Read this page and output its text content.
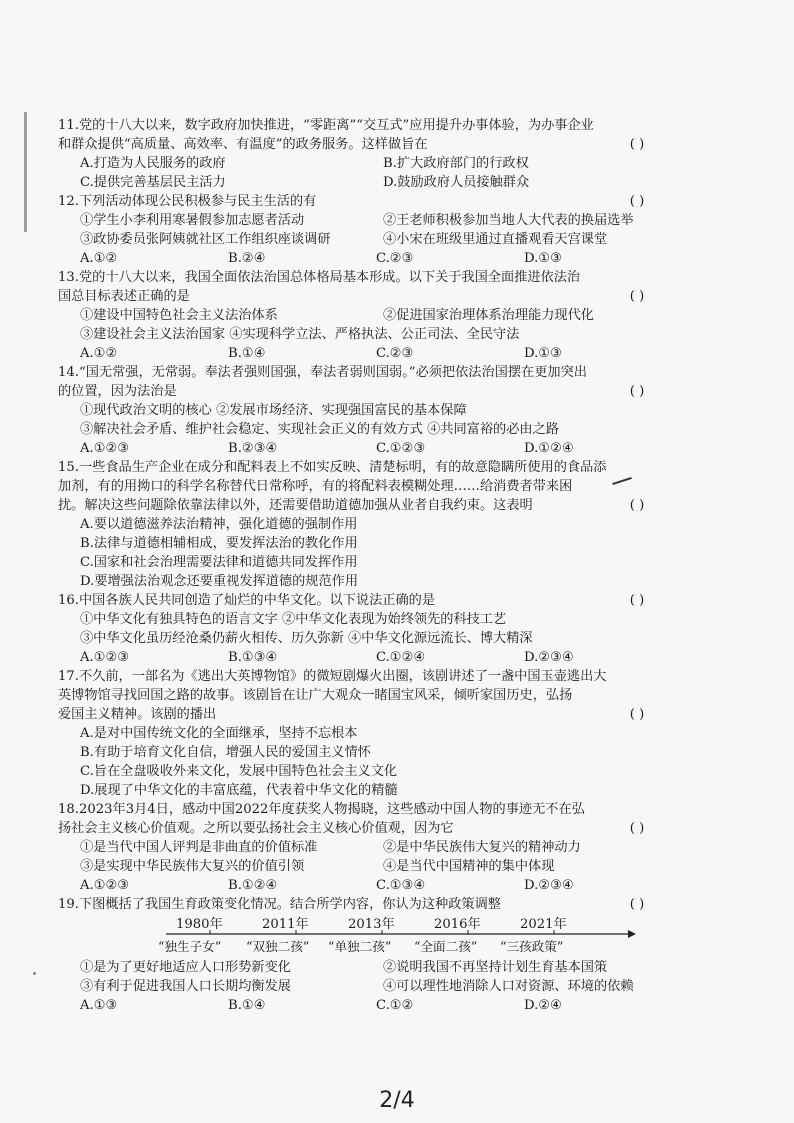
11.党的十八大以来，数字政府加快推进，“零距离”“交互式”应用提升办事体验，为办事企业
和群众提供“高质量、高效率、有温度”的政务服务。这样做旨在	( )
A.打造为人民服务的政府	B.扩大政府部门的行政权
C.提供完善基层民主活力	D.鼓励政府人员接触群众
12.下列活动体现公民积极参与民主生活的有	( )
①学生小李利用寒暑假参加志愿者活动	②王老师积极参加当地人大代表的换届选举
③政协委员张阿姨就社区工作组织座谈调研	④小宋在班级里通过直播观看天宫课堂
A.①②	B.②④	C.②③	D.①③
13.党的十八大以来，我国全面依法治国总体格局基本形成。以下关于我国全面推进依法治
国总目标表述正确的是	( )
①建设中国特色社会主义法治体系	②促进国家治理体系治理能力现代化
③建设社会主义法治国家 ④实现科学立法、严格执法、公正司法、全民守法
A.①②	B.①④	C.②③	D.①③
14.“国无常强，无常弱。奉法者强则国强，奉法者弱则国弱。”必须把依法治国摆在更加突出
的位置，因为法治是	( )
①现代政治文明的核心 ②发展市场经济、实现强国富民的基本保障
③解决社会矛盾、维护社会稳定、实现社会正义的有效方式 ④共同富裕的必由之路
A.①②③	B.②③④	C.①②③	D.①②④
15.一些食品生产企业在成分和配料表上不如实反映、清楚标明，有的故意隐瞒所使用的食品添
加剂，有的用拗口的科学名称替代日常称呼，有的将配料表模糊处理……给消费者带来困
扰。解决这些问题除依靠法律以外，还需要借助道德加强从业者自我约束。这表明	( )
A.要以道德滋养法治精神，强化道德的强制作用
B.法律与道德相辅相成，要发挥法治的教化作用
C.国家和社会治理需要法律和道德共同发挥作用
D.要增强法治观念还要重视发挥道德的规范作用
16.中国各族人民共同创造了灿烂的中华文化。以下说法正确的是	( )
①中华文化有独具特色的语言文字 ②中华文化表现为始终领先的科技工艺
③中华文化虽历经沧桑仍薪火相传、历久弥新 ④中华文化源远流长、博大精深
A.①②③	B.①③④	C.①②④	D.②③④
17.不久前，一部名为《逃出大英博物馆》的微短剧爆火出圈，该剧讲述了一盏中国玉壶逃出大
英博物馆寻找回国之路的故事。该剧旨在让广大观众一睹国宝风采，倾听家国历史，弘扬
爱国主义精神。该剧的播出	( )
A.是对中国传统文化的全面继承，坚持不忘根本
B.有助于培育文化自信，增强人民的爱国主义情怀
C.旨在全盘吸收外来文化，发展中国特色社会主义文化
D.展现了中华文化的丰富底蕴，代表着中华文化的精髓
18.2023年3月4日，感动中国2022年度获奖人物揭晓，这些感动中国人物的事迹无不在弘
扬社会主义核心价值观。之所以要弘扬社会主义核心价值观，因为它	( )
①是当代中国人评判是非曲直的价值标准	②是中华民族伟大复兴的精神动力
③是实现中华民族伟大复兴的价值引领	④是当代中国精神的集中体现
A.①②③	B.①②④	C.①③④	D.②③④
19.下图概括了我国生育政策变化情况。结合所学内容，你认为这种政策调整	( )
1980年	2011年	2013年	2016年	2021年
“独生子女” “双独二孩” “单独二孩” “全面二孩” “三孩政策”
①是为了更好地适应人口形势新变化	②说明我国不再坚持计划生育基本国策
③有利于促进我国人口长期均衡发展	④可以理性地消除人口对资源、环境的依赖
A.①③	B.①④	C.①②	D.②④
2/4
